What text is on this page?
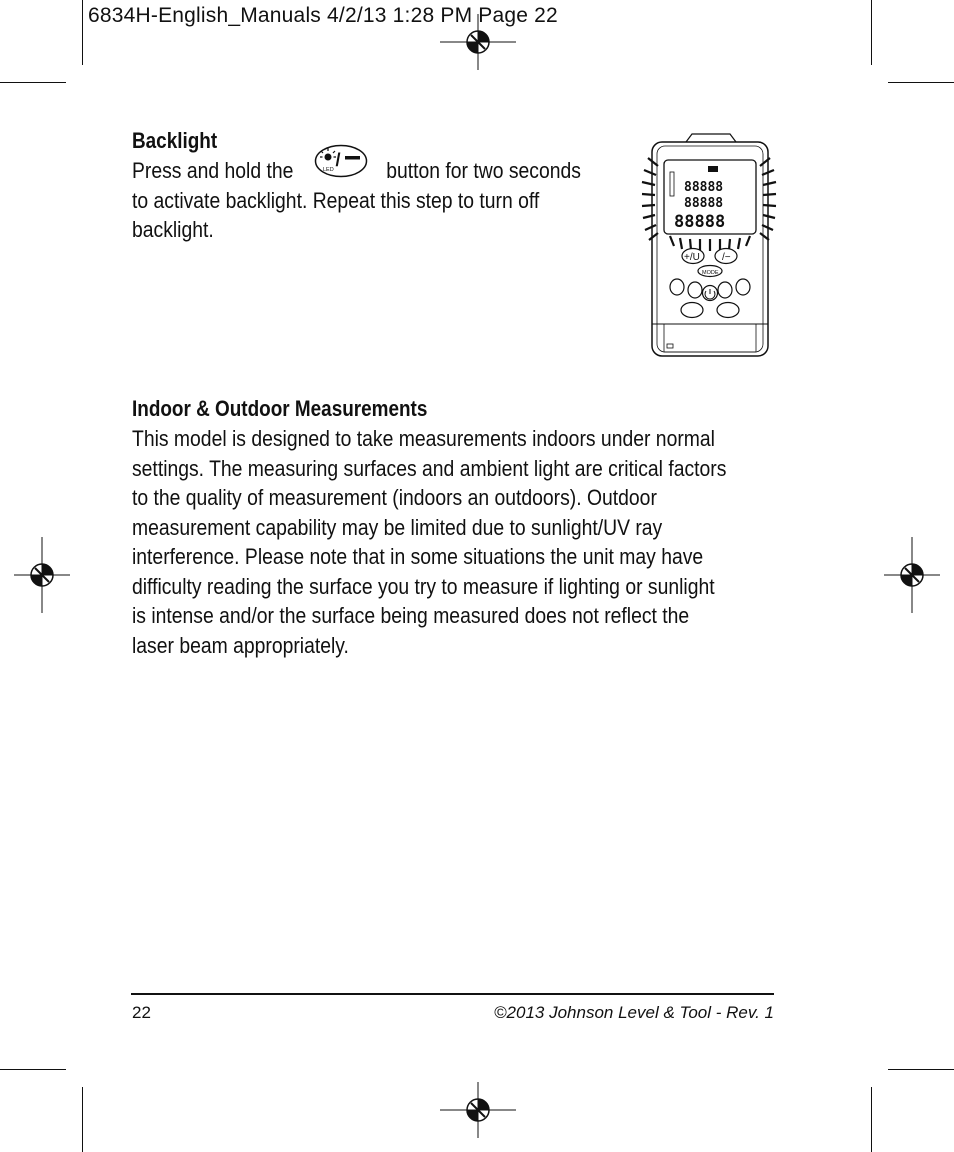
6834H-English_Manuals 4/2/13 1:28 PM Page 22
Backlight
Press and hold the	button for two seconds
to activate backlight. Repeat this step to turn off
backlight.
/
LED
88888
88888
88888
+/U /−
MODE
Indoor & Outdoor Measurements
This model is designed to take measurements indoors under normal
settings. The measuring surfaces and ambient light are critical factors
to the quality of measurement (indoors an outdoors). Outdoor
measurement capability may be limited due to sunlight/UV ray
interference. Please note that in some situations the unit may have
difficulty reading the surface you try to measure if lighting or sunlight
is intense and/or the surface being measured does not reflect the
laser beam appropriately.
22	©2013 Johnson Level & Tool - Rev. 1
